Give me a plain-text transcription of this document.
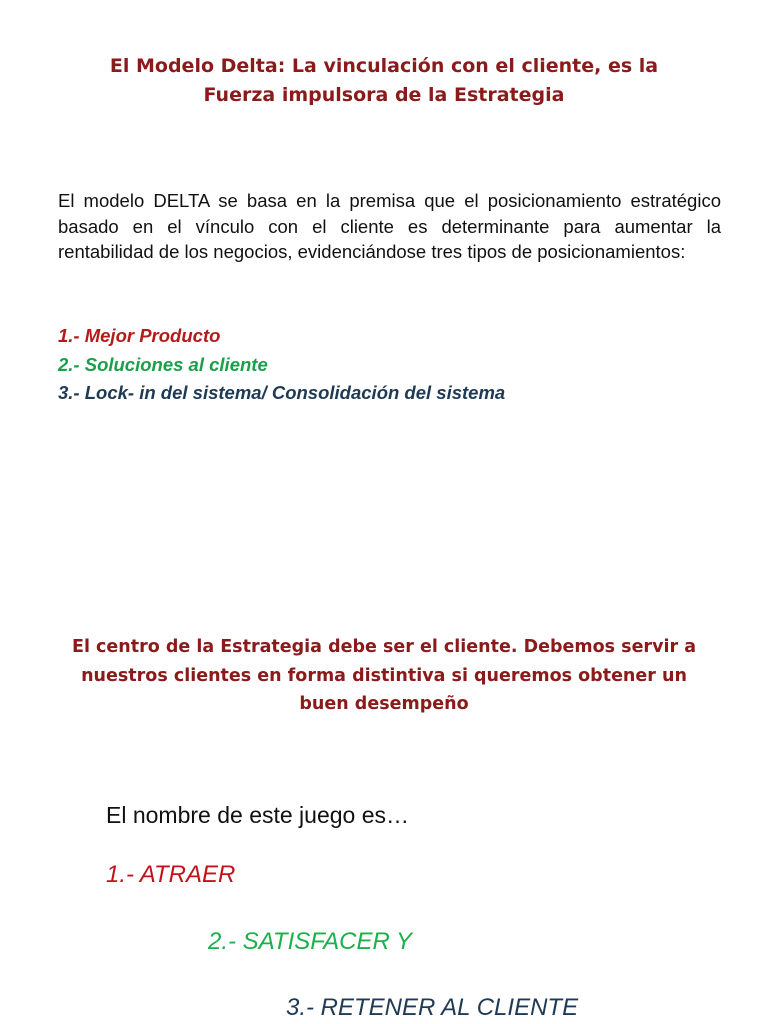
El Modelo Delta: La vinculación con el cliente, es la
Fuerza impulsora de la Estrategia
El modelo DELTA se basa en la premisa que el posicionamiento estratégico basado en el vínculo con el cliente es determinante para aumentar la rentabilidad de los negocios, evidenciándose tres tipos de posicionamientos:
1.- Mejor Producto
2.- Soluciones al cliente
3.- Lock- in del sistema/ Consolidación del sistema
El centro de la Estrategia debe ser el cliente. Debemos servir a
nuestros clientes en forma distintiva si queremos obtener un
buen desempeño
El nombre de este juego es…
1.- ATRAER
2.- SATISFACER Y
3.- RETENER AL CLIENTE
